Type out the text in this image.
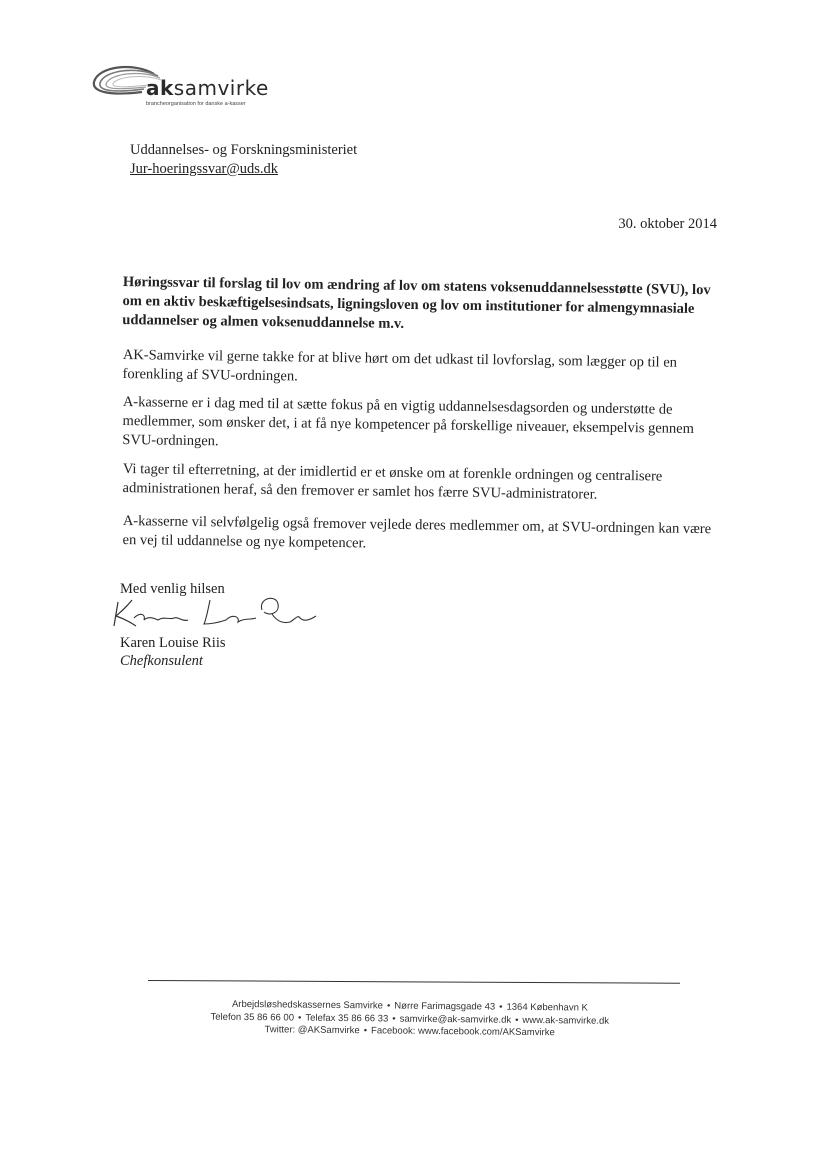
aksamvirke
brancheorganisation for danske a-kasser
Uddannelses- og Forskningsministeriet
Jur-hoeringssvar@uds.dk
30. oktober 2014
Høringssvar til forslag til lov om ændring af lov om statens voksenuddannelsesstøtte (SVU), lov om en aktiv beskæftigelsesindsats, ligningsloven og lov om institutioner for almengymnasiale uddannelser og almen voksenuddannelse m.v.
AK-Samvirke vil gerne takke for at blive hørt om det udkast til lovforslag, som lægger op til en forenkling af SVU-ordningen.
A-kasserne er i dag med til at sætte fokus på en vigtig uddannelsesdagsorden og understøtte de medlemmer, som ønsker det, i at få nye kompetencer på forskellige niveauer, eksempelvis gennem SVU-ordningen.
Vi tager til efterretning, at der imidlertid er et ønske om at forenkle ordningen og centralisere administrationen heraf, så den fremover er samlet hos færre SVU-administratorer.
A-kasserne vil selvfølgelig også fremover vejlede deres medlemmer om, at SVU-ordningen kan være en vej til uddannelse og nye kompetencer.
Med venlig hilsen
Karen Louise Riis
Chefkonsulent
Arbejdsløshedskassernes Samvirke • Nørre Farimagsgade 43 • 1364 København K
Telefon 35 86 66 00 • Telefax 35 86 66 33 • samvirke@ak-samvirke.dk • www.ak-samvirke.dk
Twitter: @AKSamvirke • Facebook: www.facebook.com/AKSamvirke
